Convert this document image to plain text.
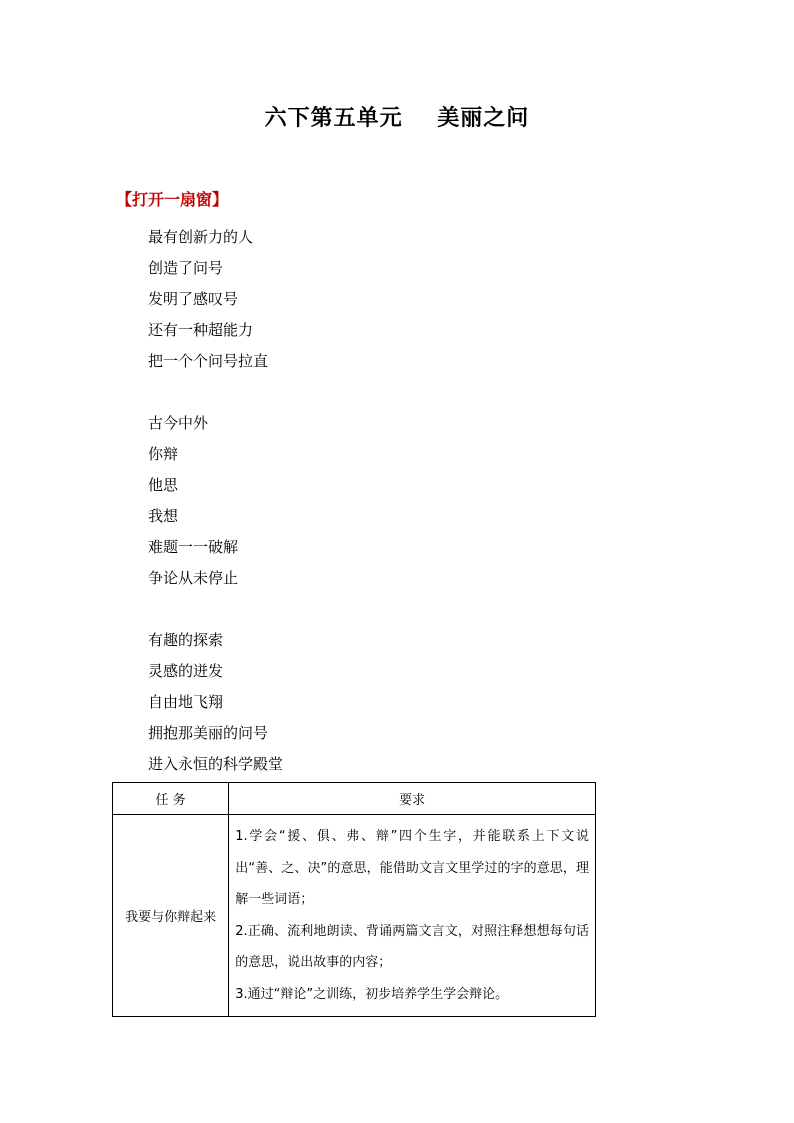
六下第五单元    美丽之问
【打开一扇窗】
最有创新力的人
创造了问号
发明了感叹号
还有一种超能力
把一个个问号拉直
古今中外
你辩
他思
我想
难题一一破解
争论从未停止
有趣的探索
灵感的迸发
自由地飞翔
拥抱那美丽的问号
进入永恒的科学殿堂
任 务	要求
我要与你辩起来	1.学会“援、俱、弗、辩”四个生字，并能联系上下文说出“善、之、决”的意思，能借助文言文里学过的字的意思，理解一些词语；
2.正确、流利地朗读、背诵两篇文言文，对照注释想想每句话的意思，说出故事的内容；
3.通过“辩论”之训练，初步培养学生学会辩论。
